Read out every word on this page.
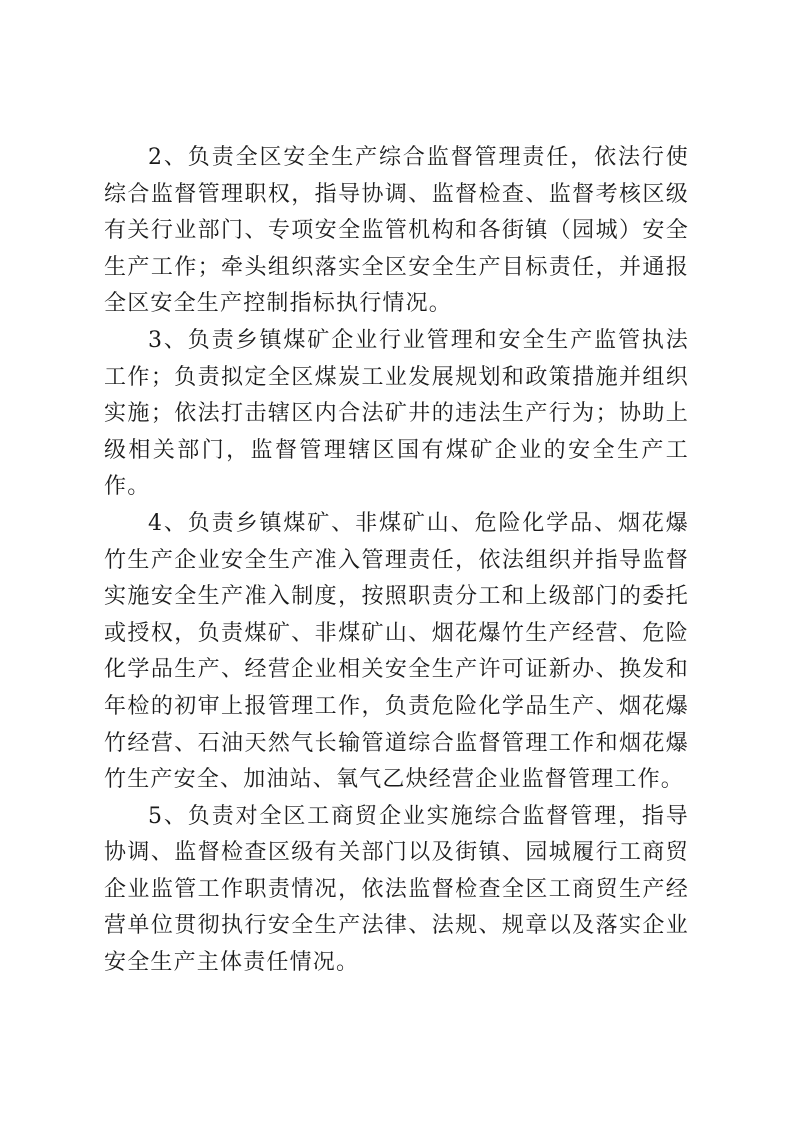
2、负责全区安全生产综合监督管理责任，依法行使综合监督管理职权，指导协调、监督检查、监督考核区级有关行业部门、专项安全监管机构和各街镇（园城）安全生产工作；牵头组织落实全区安全生产目标责任，并通报全区安全生产控制指标执行情况。

3、负责乡镇煤矿企业行业管理和安全生产监管执法工作；负责拟定全区煤炭工业发展规划和政策措施并组织实施；依法打击辖区内合法矿井的违法生产行为；协助上级相关部门，监督管理辖区国有煤矿企业的安全生产工作。

4、负责乡镇煤矿、非煤矿山、危险化学品、烟花爆竹生产企业安全生产准入管理责任，依法组织并指导监督实施安全生产准入制度，按照职责分工和上级部门的委托或授权，负责煤矿、非煤矿山、烟花爆竹生产经营、危险化学品生产、经营企业相关安全生产许可证新办、换发和年检的初审上报管理工作，负责危险化学品生产、烟花爆竹经营、石油天然气长输管道综合监督管理工作和烟花爆竹生产安全、加油站、氧气乙炔经营企业监督管理工作。

5、负责对全区工商贸企业实施综合监督管理，指导协调、监督检查区级有关部门以及街镇、园城履行工商贸企业监管工作职责情况，依法监督检查全区工商贸生产经营单位贯彻执行安全生产法律、法规、规章以及落实企业安全生产主体责任情况。
